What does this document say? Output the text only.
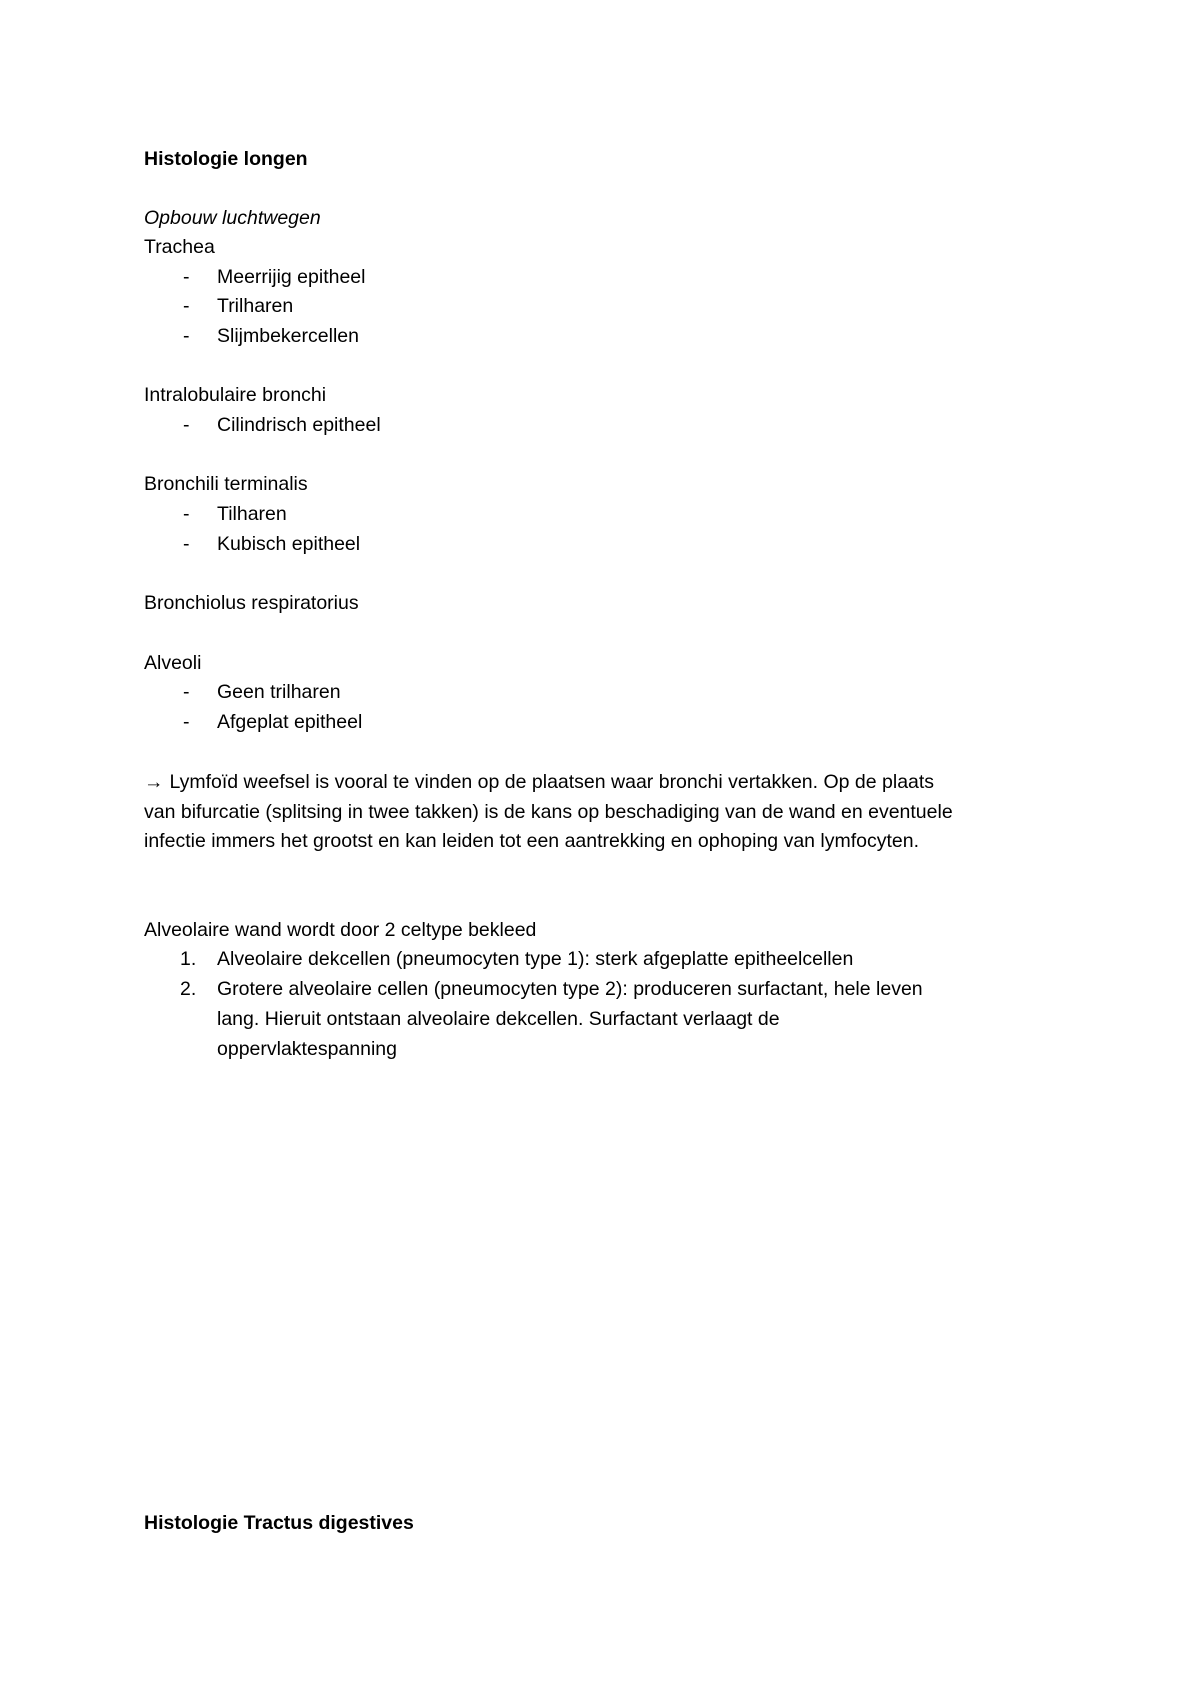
Histologie longen
Opbouw luchtwegen
Trachea
- Meerrijig epitheel
- Trilharen
- Slijmbekercellen
Intralobulaire bronchi
- Cilindrisch epitheel
Bronchili terminalis
- Tilharen
- Kubisch epitheel
Bronchiolus respiratorius
Alveoli
- Geen trilharen
- Afgeplat epitheel
→ Lymfoïd weefsel is vooral te vinden op de plaatsen waar bronchi vertakken. Op de plaats
van bifurcatie (splitsing in twee takken) is de kans op beschadiging van de wand en eventuele
infectie immers het grootst en kan leiden tot een aantrekking en ophoping van lymfocyten.
Alveolaire wand wordt door 2 celtype bekleed
1. Alveolaire dekcellen (pneumocyten type 1): sterk afgeplatte epitheelcellen
2. Grotere alveolaire cellen (pneumocyten type 2): produceren surfactant, hele leven
lang. Hieruit ontstaan alveolaire dekcellen. Surfactant verlaagt de
oppervlaktespanning
Histologie Tractus digestives
